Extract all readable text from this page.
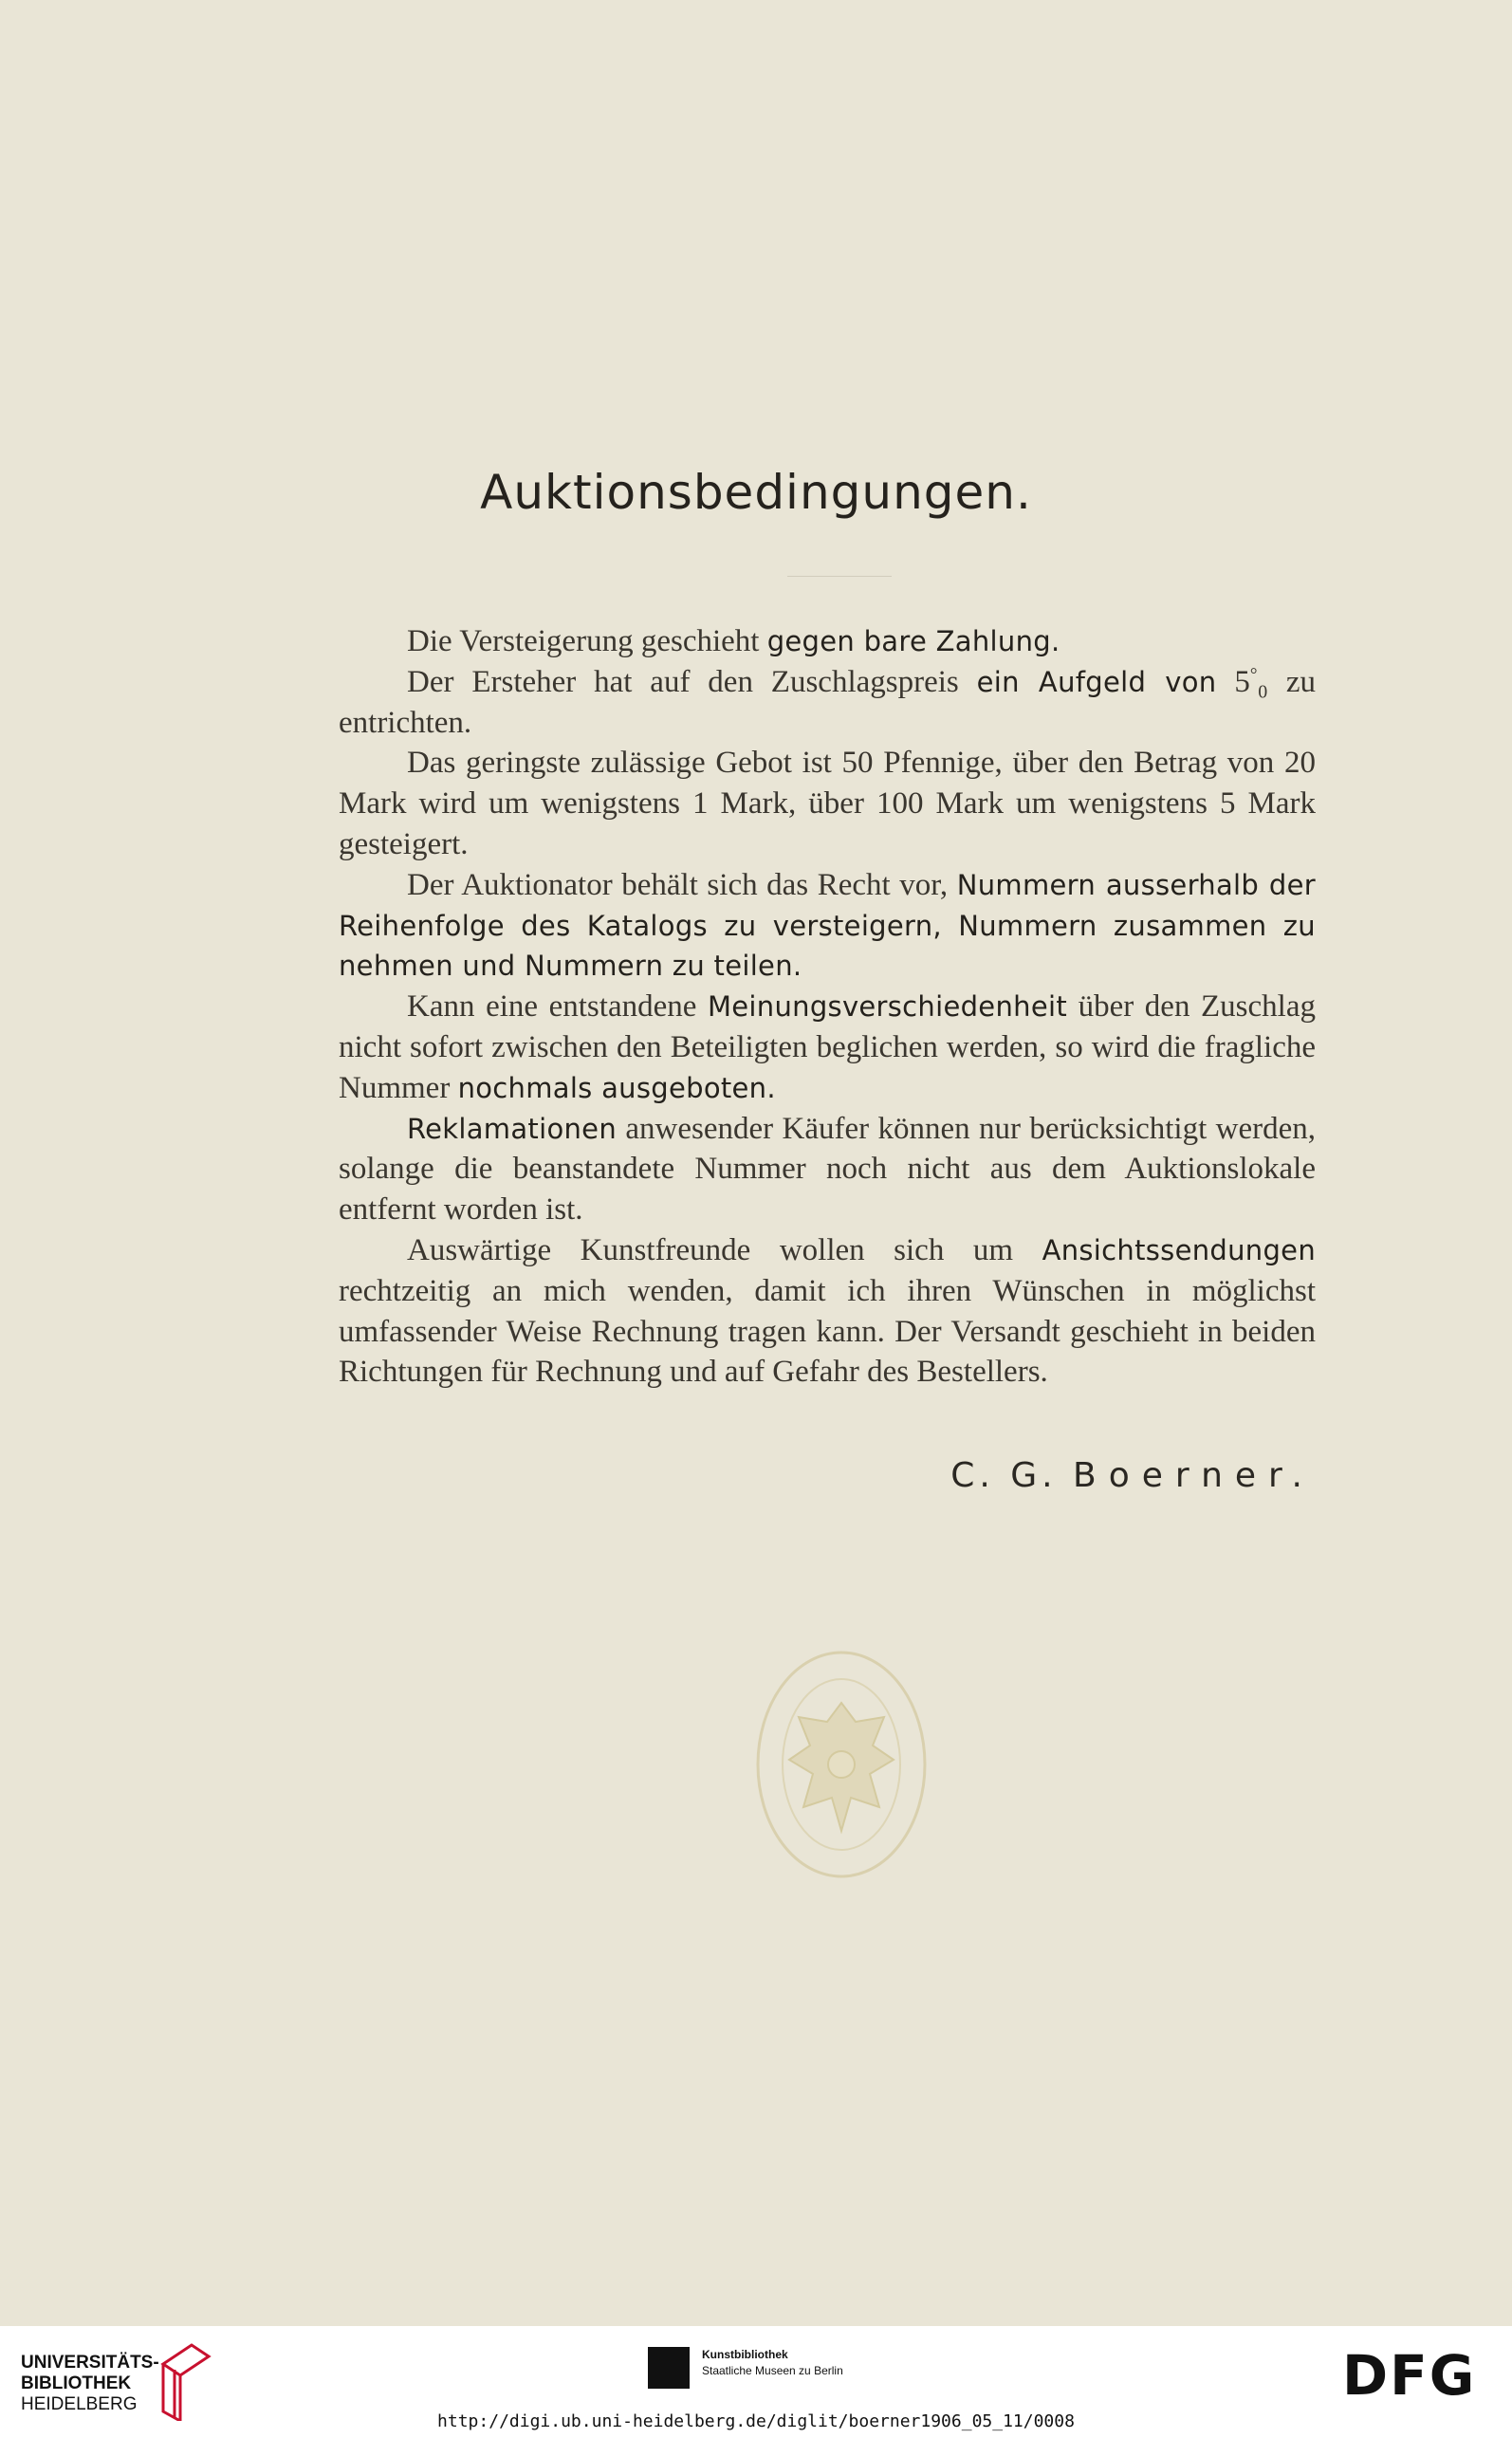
Auktionsbedingungen.

Die Versteigerung geschieht gegen bare Zahlung.

Der Ersteher hat auf den Zuschlagspreis ein Aufgeld von 5°₀ zu entrichten.

Das geringste zulässige Gebot ist 50 Pfennige, über den Betrag von 20 Mark wird um wenigstens 1 Mark, über 100 Mark um wenigstens 5 Mark gesteigert.

Der Auktionator behält sich das Recht vor, Nummern ausserhalb der Reihenfolge des Katalogs zu versteigern, Nummern zusammen zu nehmen und Nummern zu teilen.

Kann eine entstandene Meinungsverschiedenheit über den Zuschlag nicht sofort zwischen den Beteiligten beglichen werden, so wird die fragliche Nummer nochmals ausgeboten.

Reklamationen anwesender Käufer können nur berücksichtigt werden, solange die beanstandete Nummer noch nicht aus dem Auktionslokale entfernt worden ist.

Auswärtige Kunstfreunde wollen sich um Ansichtssendungen rechtzeitig an mich wenden, damit ich ihren Wünschen in möglichst umfassender Weise Rechnung tragen kann. Der Versandt geschieht in beiden Richtungen für Rechnung und auf Gefahr des Bestellers.

C. G. Boerner.
UNIVERSITÄTS-
BIBLIOTHEK
HEIDELBERG
Kunstbibliothek
Staatliche Museen zu Berlin	DFG
http://digi.ub.uni-heidelberg.de/diglit/boerner1906_05_11/0008
